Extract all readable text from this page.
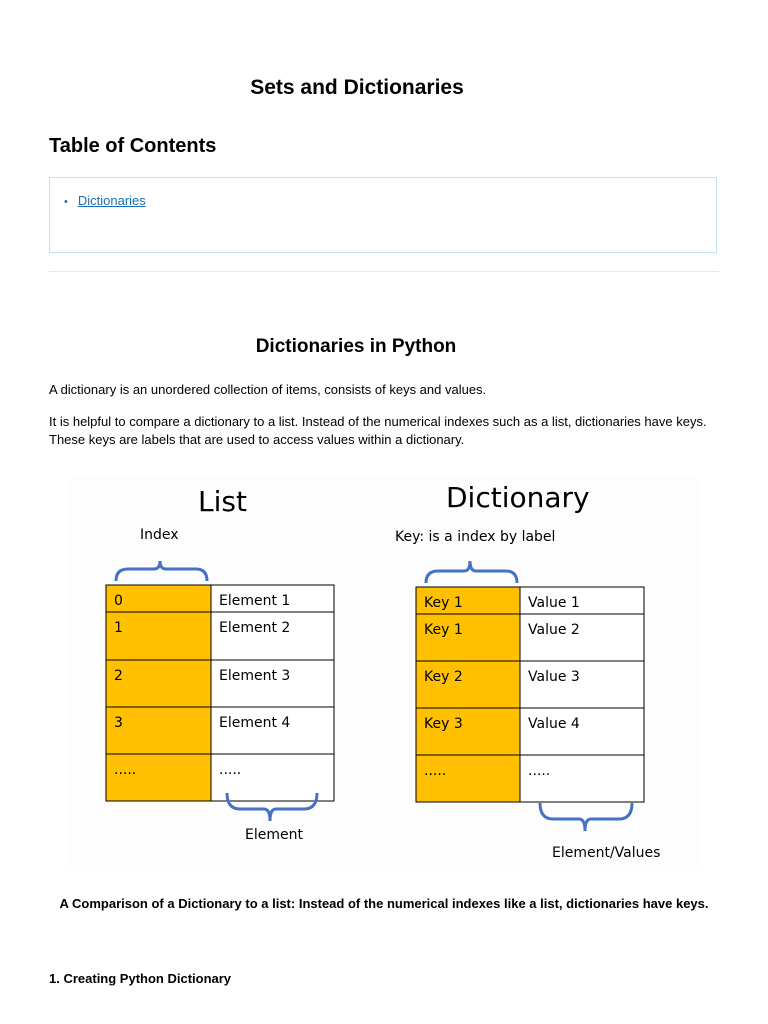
Sets and Dictionaries
Table of Contents
• Dictionaries
Dictionaries in Python

A dictionary is an unordered collection of items, consists of keys and values.

It is helpful to compare a dictionary to a list. Instead of the numerical indexes such as a list, dictionaries have keys. These keys are labels that are used to access values within a dictionary.

List
Index
0	Element 1
1	Element 2
2	Element 3
3	Element 4
.....	.....
Element
Dictionary
Key: is a index by label
Key 1	Value 1
Key 1	Value 2
Key 2	Value 3
Key 3	Value 4
.....	.....
Element/Values

A Comparison of a Dictionary to a list: Instead of the numerical indexes like a list, dictionaries have keys.

1. Creating Python Dictionary
